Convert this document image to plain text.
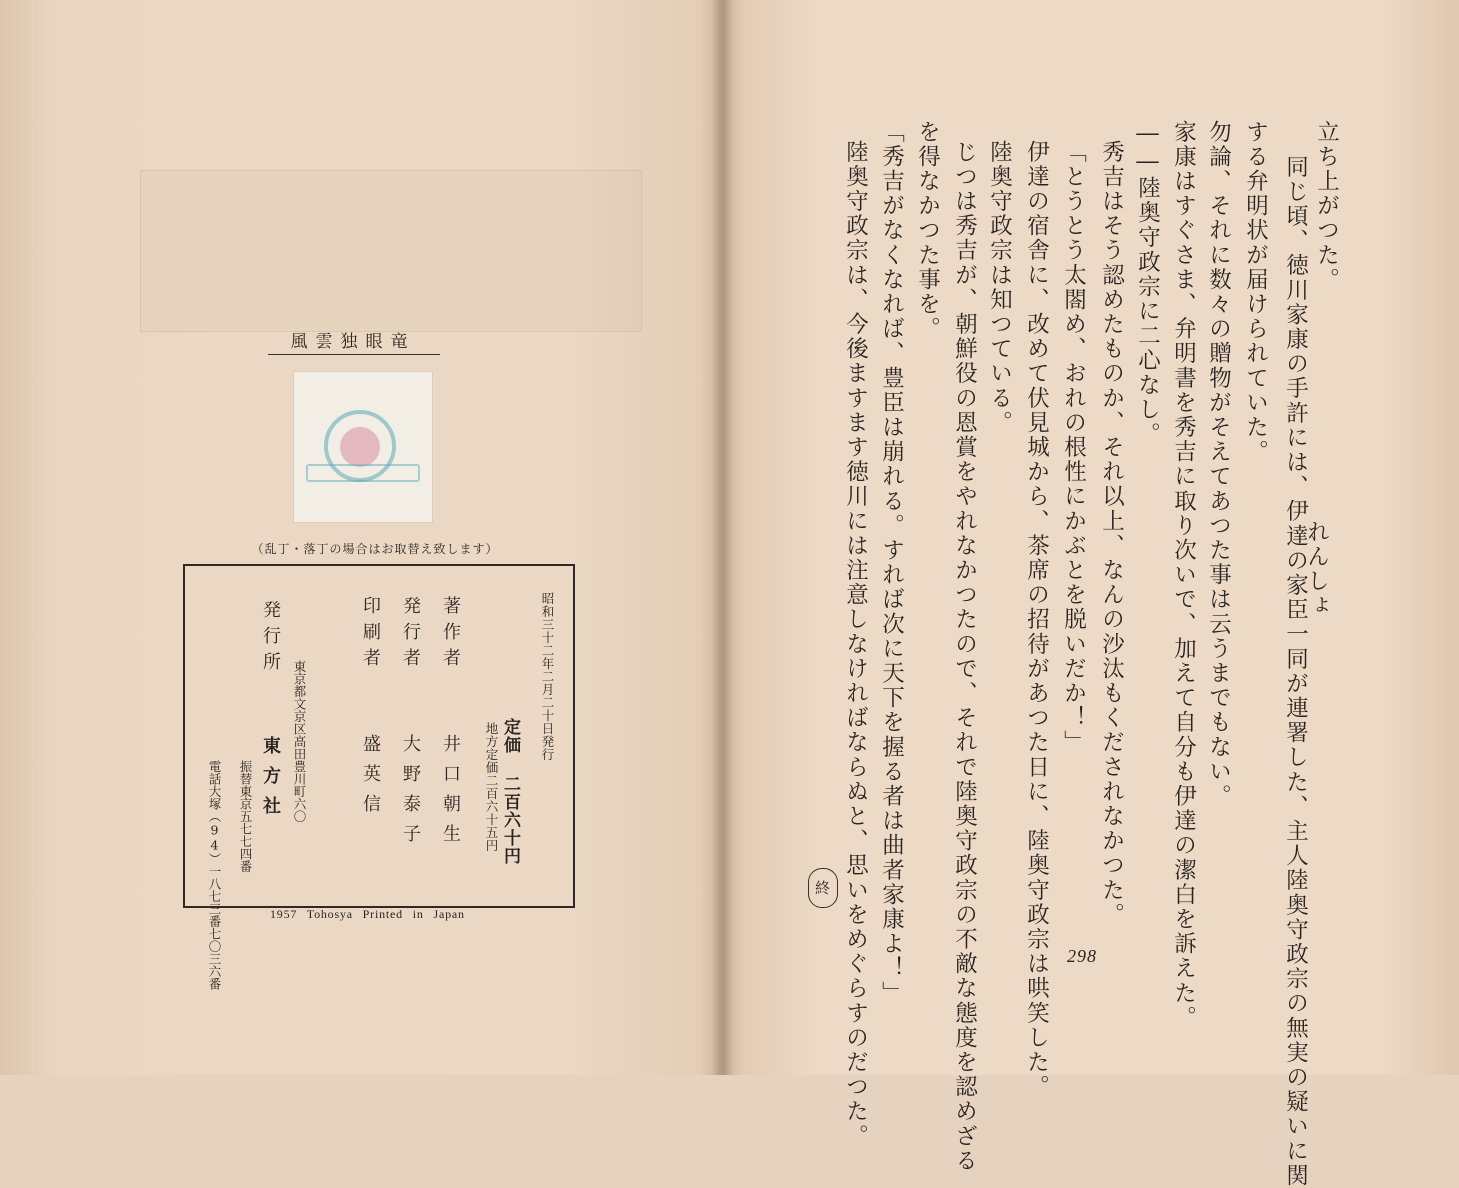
立ち上がつた。
同じ頃、徳川家康の手許には、伊達の家臣一同が連署した、主人陸奥守政宗の無実の疑いに関
れんしょ
する弁明状が届けられていた。
家康はすぐさま、弁明書を秀吉に取り次いで、加えて自分も伊達の潔白を訴えた。 勿論、それに数々の贈物がそえてあつた事は云うまでもない。
――陸奥守政宗に二心なし。
秀吉はそう認めたものか、それ以上、なんの沙汰もくだされなかつた。
「とうとう太閤め、おれの根性にかぶとを脱いだか！」
伊達の宿舎に、改めて伏見城から、茶席の招待があつた日に、陸奥守政宗は哄笑した。
陸奥守政宗は知つている。
じつは秀吉が、朝鮮役の恩賞をやれなかつたので、それで陸奥守政宗の不敵な態度を認めざる
を得なかつた事を。
「秀吉がなくなれば、豊臣は崩れる。すれば次に天下を握る者は曲者家康よ！」
陸奥守政宗は、今後ますます徳川には注意しなければならぬと、思いをめぐらすのだつた。
終
298
風雲独眼竜
（乱丁・落丁の場合はお取替え致します）
昭和三十二年二月二十日発行
定価 二百六十円
地方定価二百六十五円
著作者
井口朝生
発行者
大野泰子
印刷者
盛英信
東京都文京区高田豊川町六〇
発行所
東方社
振替東京五七七四番
電話大塚（94）一八七三番七〇三六番	1957 Tohosya Printed in Japan
